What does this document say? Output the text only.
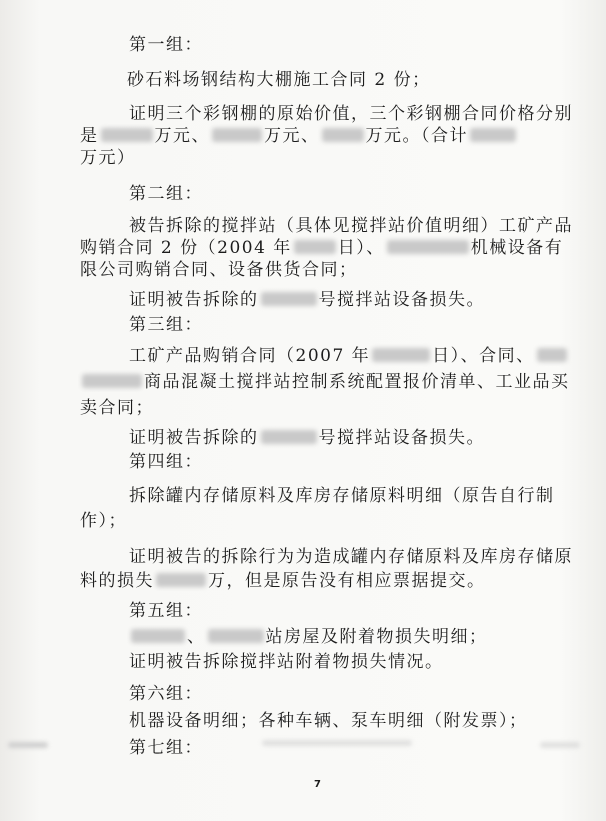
第一组：
砂石料场钢结构大棚施工合同 2 份；
证明三个彩钢棚的原始价值，三个彩钢棚合同价格分别
是	万元、	万元、	万元。（合计
万元）
第二组：
被告拆除的搅拌站（具体见搅拌站价值明细）工矿产品
购销合同 2 份（2004 年	日）、	机械设备有
限公司购销合同、设备供货合同；
证明被告拆除的	号搅拌站设备损失。
第三组：
工矿产品购销合同（2007 年	日）、合同、
商品混凝土搅拌站控制系统配置报价清单、工业品买
卖合同；
证明被告拆除的	号搅拌站设备损失。
第四组：
拆除罐内存储原料及库房存储原料明细（原告自行制
作）；
证明被告的拆除行为为造成罐内存储原料及库房存储原
料的损失	万，但是原告没有相应票据提交。
第五组：
、	站房屋及附着物损失明细；
证明被告拆除搅拌站附着物损失情况。
第六组：
机器设备明细；各种车辆、泵车明细（附发票）；
第七组：
7
